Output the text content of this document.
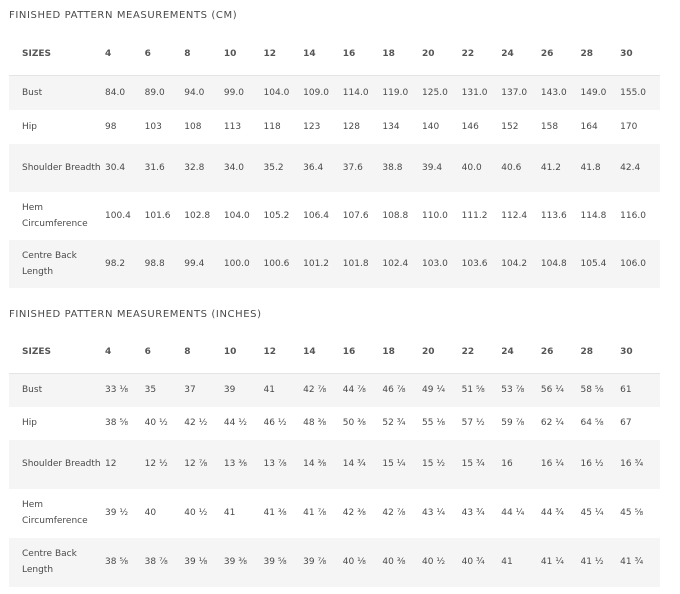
FINISHED PATTERN MEASUREMENTS (CM)
SIZES	4	6	8	10	12	14	16	18	20	22	24	26	28	30
Bust	84.0	89.0	94.0	99.0	104.0	109.0	114.0	119.0	125.0	131.0	137.0	143.0	149.0	155.0
Hip	98	103	108	113	118	123	128	134	140	146	152	158	164	170
Shoulder Breadth	30.4	31.6	32.8	34.0	35.2	36.4	37.6	38.8	39.4	40.0	40.6	41.2	41.8	42.4
Hem Circumference	100.4	101.6	102.8	104.0	105.2	106.4	107.6	108.8	110.0	111.2	112.4	113.6	114.8	116.0
Centre Back Length	98.2	98.8	99.4	100.0	100.6	101.2	101.8	102.4	103.0	103.6	104.2	104.8	105.4	106.0
FINISHED PATTERN MEASUREMENTS (INCHES)
SIZES	4	6	8	10	12	14	16	18	20	22	24	26	28	30
Bust	33 ⅛	35	37	39	41	42 ⅞	44 ⅞	46 ⅞	49 ¼	51 ⅝	53 ⅞	56 ¼	58 ⅝	61
Hip	38 ⅝	40 ½	42 ½	44 ½	46 ½	48 ⅜	50 ⅜	52 ¾	55 ⅛	57 ½	59 ⅞	62 ¼	64 ⅝	67
Shoulder Breadth	12	12 ½	12 ⅞	13 ⅜	13 ⅞	14 ⅜	14 ¾	15 ¼	15 ½	15 ¾	16	16 ¼	16 ½	16 ¾
Hem Circumference	39 ½	40	40 ½	41	41 ⅜	41 ⅞	42 ⅜	42 ⅞	43 ¼	43 ¾	44 ¼	44 ¾	45 ¼	45 ⅝
Centre Back Length	38 ⅝	38 ⅞	39 ⅛	39 ⅜	39 ⅝	39 ⅞	40 ⅛	40 ⅜	40 ½	40 ¾	41	41 ¼	41 ½	41 ¾
